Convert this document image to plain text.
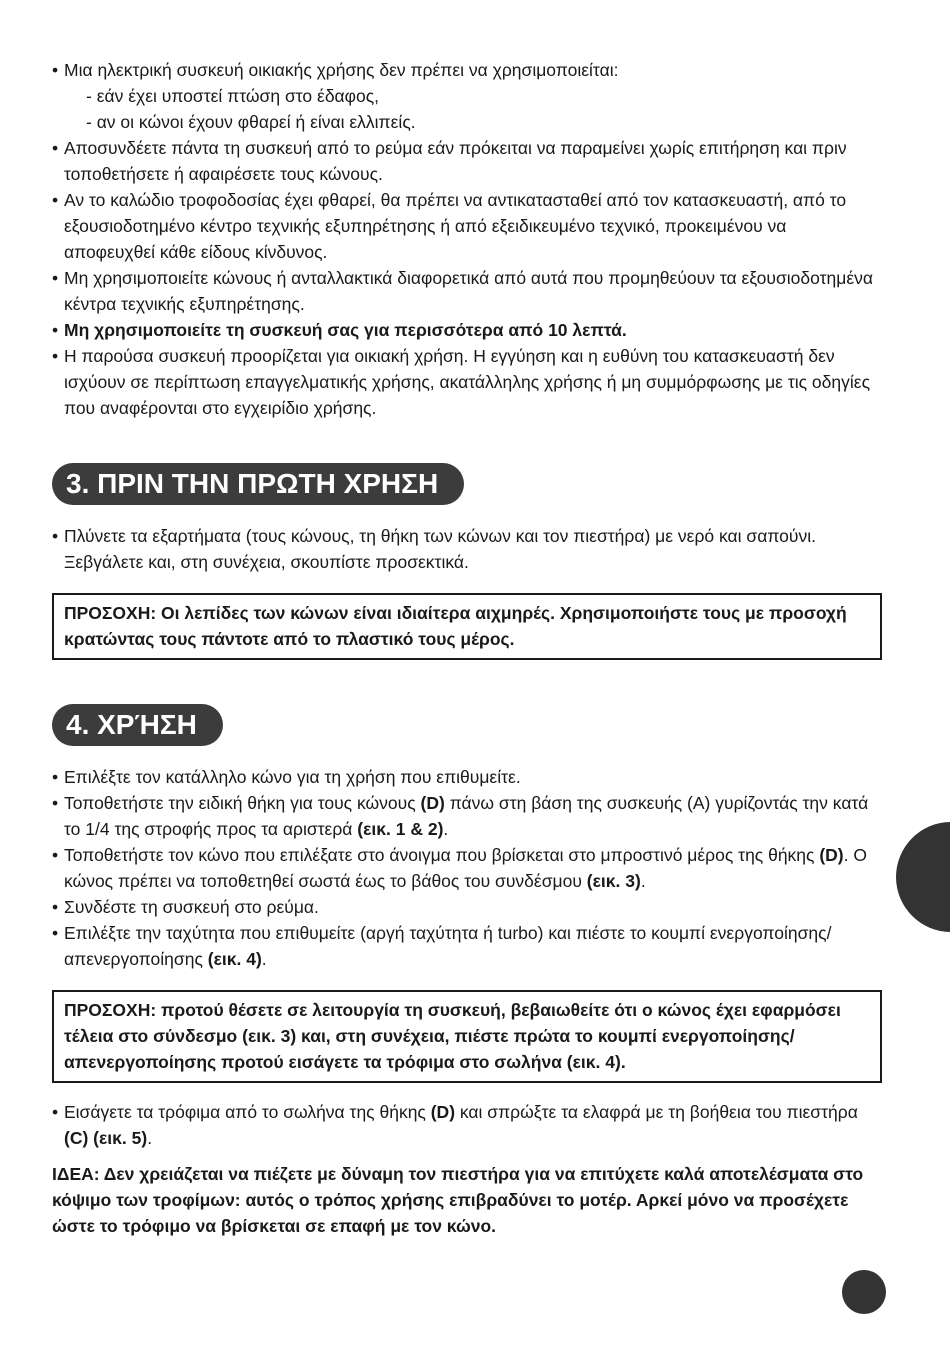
• Μια ηλεκτρική συσκευή οικιακής χρήσης δεν πρέπει να χρησιμοποιείται:
- εάν έχει υποστεί πτώση στο έδαφος,
- αν οι κώνοι έχουν φθαρεί ή είναι ελλιπείς.
• Αποσυνδέετε πάντα τη συσκευή από το ρεύμα εάν πρόκειται να παραμείνει χωρίς επιτήρηση και πριν τοποθετήσετε ή αφαιρέσετε τους κώνους.
• Αν το καλώδιο τροφοδοσίας έχει φθαρεί, θα πρέπει να αντικατασταθεί από τον κατασκευαστή, από το εξουσιοδοτημένο κέντρο τεχνικής εξυπηρέτησης ή από εξειδικευμένο τεχνικό, προκειμένου να αποφευχθεί κάθε είδους κίνδυνος.
• Μη χρησιμοποιείτε κώνους ή ανταλλακτικά διαφορετικά από αυτά που προμηθεύουν τα εξουσιοδοτημένα κέντρα τεχνικής εξυπηρέτησης.
• Μη χρησιμοποιείτε τη συσκευή σας για περισσότερα από 10 λεπτά.
• Η παρούσα συσκευή προορίζεται για οικιακή χρήση. Η εγγύηση και η ευθύνη του κατασκευαστή δεν ισχύουν σε περίπτωση επαγγελματικής χρήσης, ακατάλληλης χρήσης ή μη συμμόρφωσης με τις οδηγίες που αναφέρονται στο εγχειρίδιο χρήσης.
3. ΠΡΙΝ ΤΗΝ ΠΡΩΤΗ ΧΡΗΣΗ
• Πλύνετε τα εξαρτήματα (τους κώνους, τη θήκη των κώνων και τον πιεστήρα) με νερό και σαπούνι. Ξεβγάλετε και, στη συνέχεια, σκουπίστε προσεκτικά.
ΠΡΟΣΟΧΗ: Οι λεπίδες των κώνων είναι ιδιαίτερα αιχμηρές. Χρησιμοποιήστε τους με προσοχή κρατώντας τους πάντοτε από το πλαστικό τους μέρος.
4. ΧΡΉΣΗ
• Επιλέξτε τον κατάλληλο κώνο για τη χρήση που επιθυμείτε.
• Τοποθετήστε την ειδική θήκη για τους κώνους (D) πάνω στη βάση της συσκευής (A) γυρίζοντάς την κατά το 1/4 της στροφής προς τα αριστερά (εικ. 1 & 2).
• Τοποθετήστε τον κώνο που επιλέξατε στο άνοιγμα που βρίσκεται στο μπροστινό μέρος της θήκης (D). Ο κώνος πρέπει να τοποθετηθεί σωστά έως το βάθος του συνδέσμου (εικ. 3).
• Συνδέστε τη συσκευή στο ρεύμα.
• Επιλέξτε την ταχύτητα που επιθυμείτε (αργή ταχύτητα ή turbo) και πιέστε το κουμπί ενεργοποίησης/απενεργοποίησης (εικ. 4).
ΠΡΟΣΟΧΗ: προτού θέσετε σε λειτουργία τη συσκευή, βεβαιωθείτε ότι ο κώνος έχει εφαρμόσει τέλεια στο σύνδεσμο (εικ. 3) και, στη συνέχεια, πιέστε πρώτα το κουμπί ενεργοποίησης/απενεργοποίησης προτού εισάγετε τα τρόφιμα στο σωλήνα (εικ. 4).
• Εισάγετε τα τρόφιμα από το σωλήνα της θήκης (D) και σπρώξτε τα ελαφρά με τη βοήθεια του πιεστήρα (C) (εικ. 5).

ΙΔΕΑ: Δεν χρειάζεται να πιέζετε με δύναμη τον πιεστήρα για να επιτύχετε καλά αποτελέσματα στο κόψιμο των τροφίμων: αυτός ο τρόπος χρήσης επιβραδύνει το μοτέρ. Αρκεί μόνο να προσέχετε ώστε το τρόφιμο να βρίσκεται σε επαφή με τον κώνο.
